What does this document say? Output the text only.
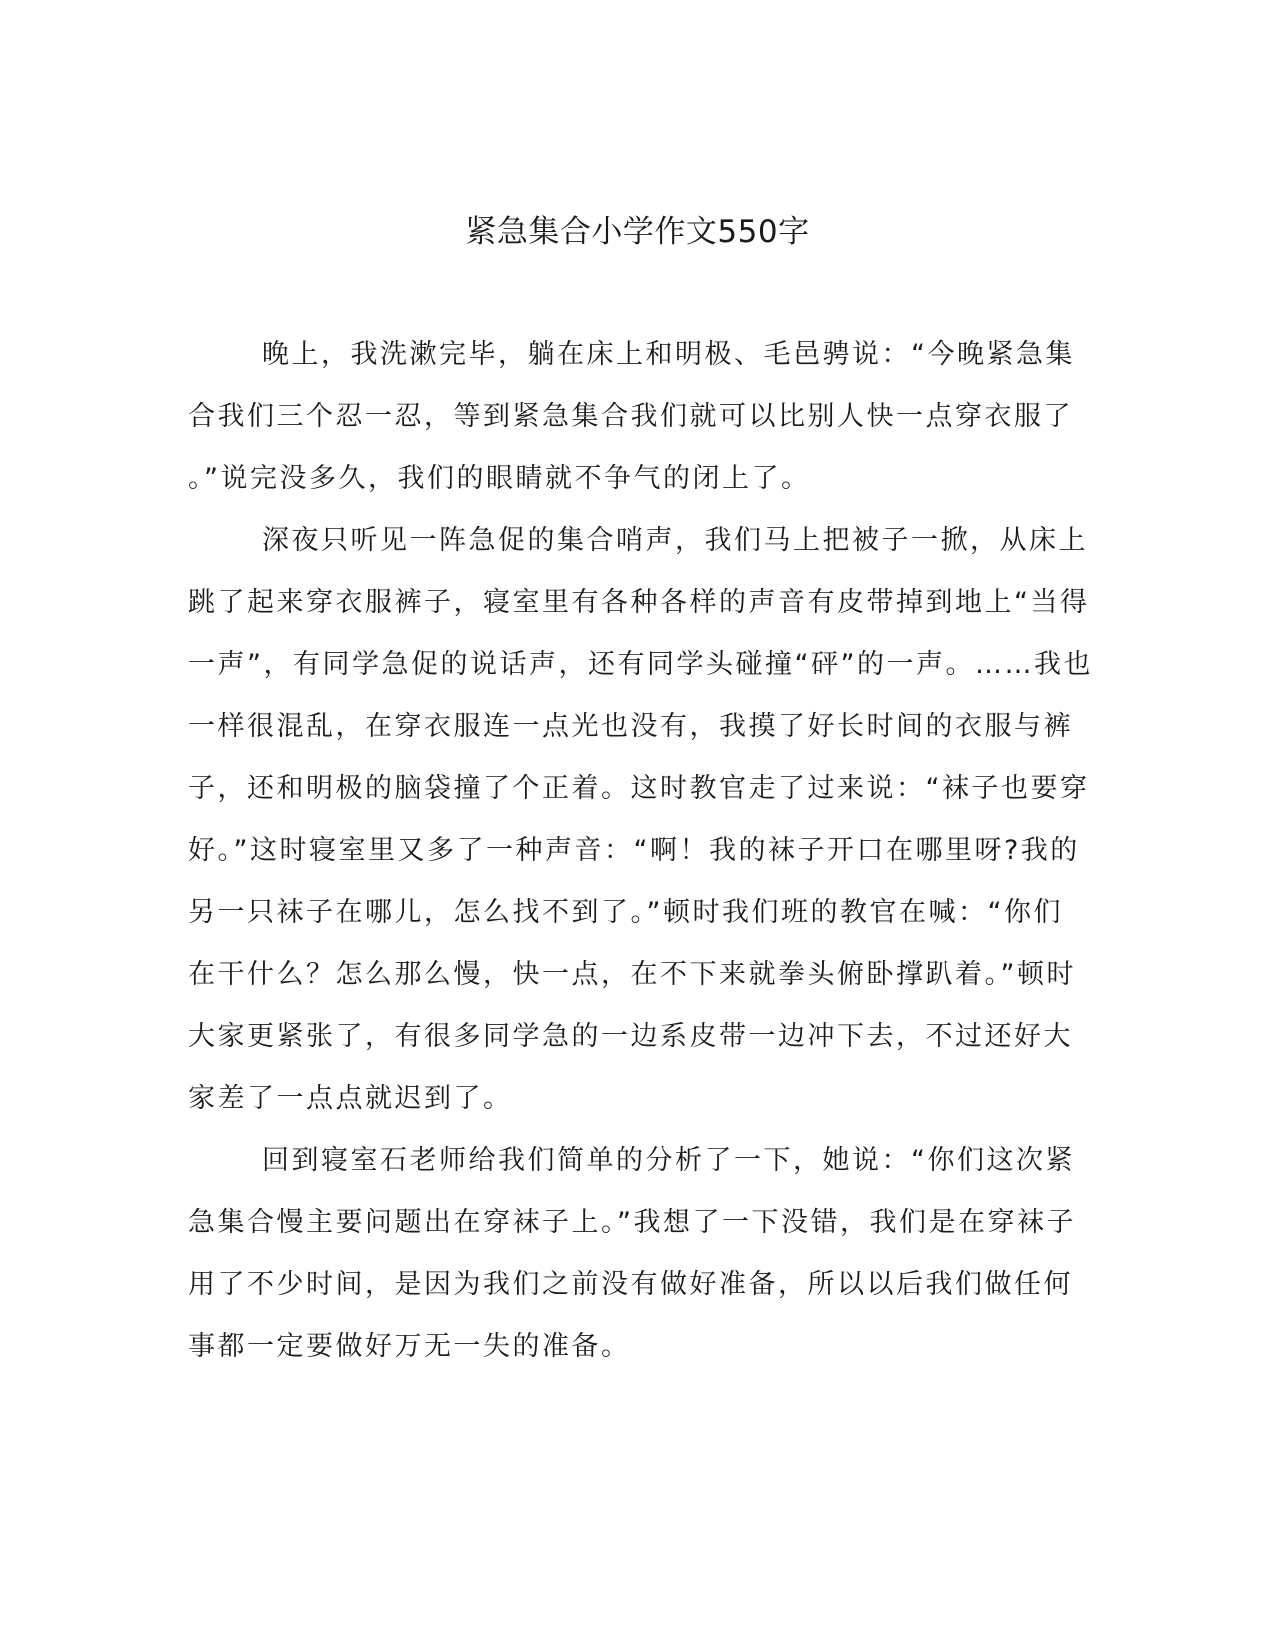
紧急集合小学作文550字
晚上，我洗漱完毕，躺在床上和明极、毛邑骋说：“今晚紧急集
合我们三个忍一忍，等到紧急集合我们就可以比别人快一点穿衣服了
。”说完没多久，我们的眼睛就不争气的闭上了。
深夜只听见一阵急促的集合哨声，我们马上把被子一掀，从床上
跳了起来穿衣服裤子，寝室里有各种各样的声音有皮带掉到地上“当得
一声”，有同学急促的说话声，还有同学头碰撞“砰”的一声。……我也
一样很混乱，在穿衣服连一点光也没有，我摸了好长时间的衣服与裤
子，还和明极的脑袋撞了个正着。这时教官走了过来说：“袜子也要穿
好。”这时寝室里又多了一种声音：“啊！我的袜子开口在哪里呀?我的
另一只袜子在哪儿，怎么找不到了。”顿时我们班的教官在喊：“你们
在干什么？怎么那么慢，快一点，在不下来就拳头俯卧撑趴着。”顿时
大家更紧张了，有很多同学急的一边系皮带一边冲下去，不过还好大
家差了一点点就迟到了。
回到寝室石老师给我们简单的分析了一下，她说：“你们这次紧
急集合慢主要问题出在穿袜子上。”我想了一下没错，我们是在穿袜子
用了不少时间，是因为我们之前没有做好准备，所以以后我们做任何
事都一定要做好万无一失的准备。
